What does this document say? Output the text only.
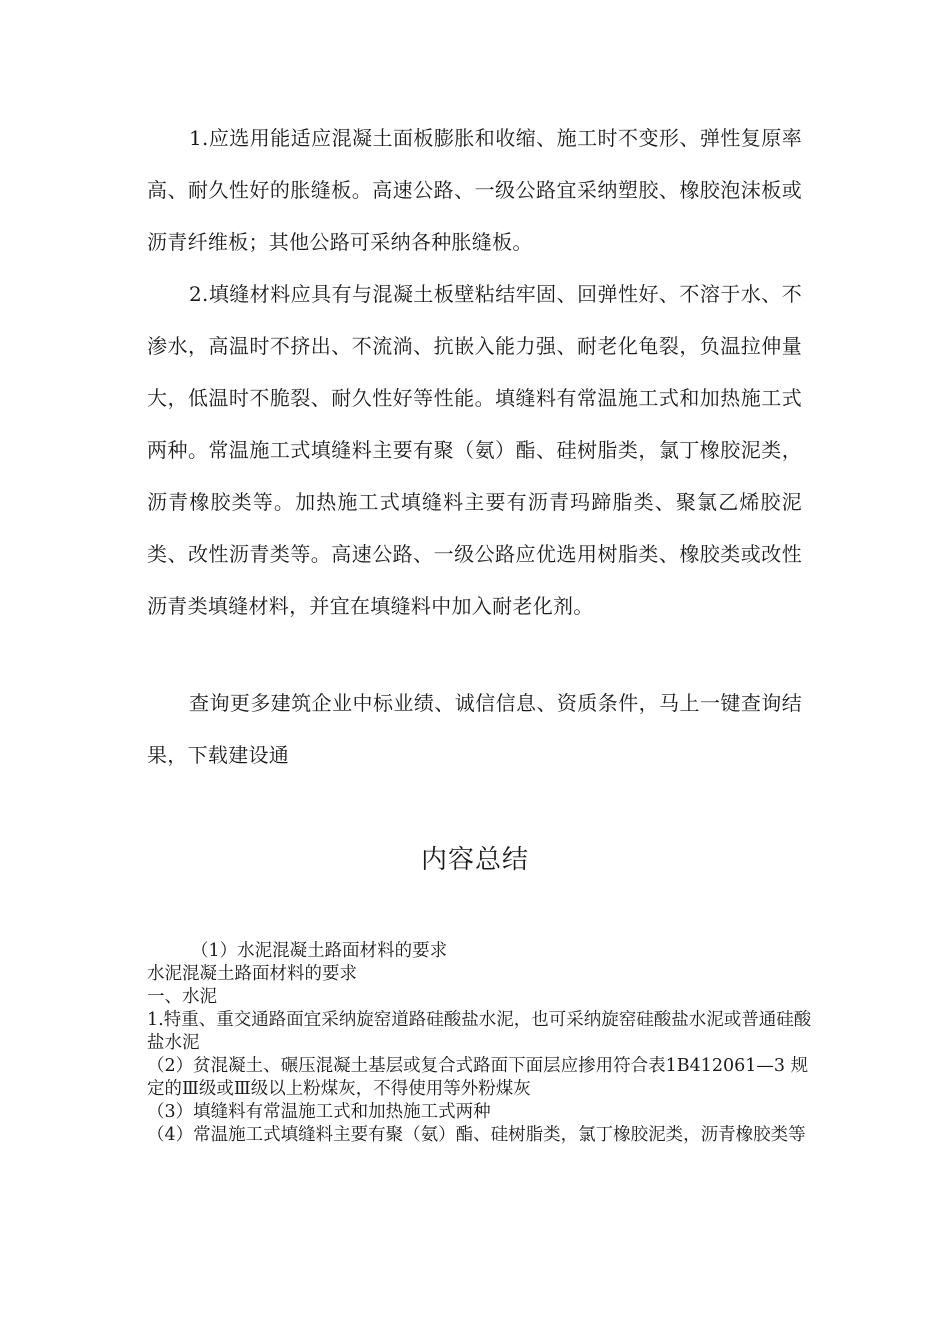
1.应选用能适应混凝土面板膨胀和收缩、施工时不变形、弹性复原率高、耐久性好的胀缝板。高速公路、一级公路宜采纳塑胶、橡胶泡沫板或沥青纤维板；其他公路可采纳各种胀缝板。

2.填缝材料应具有与混凝土板壁粘结牢固、回弹性好、不溶于水、不渗水，高温时不挤出、不流淌、抗嵌入能力强、耐老化龟裂，负温拉伸量大，低温时不脆裂、耐久性好等性能。填缝料有常温施工式和加热施工式两种。常温施工式填缝料主要有聚（氨）酯、硅树脂类，氯丁橡胶泥类，沥青橡胶类等。加热施工式填缝料主要有沥青玛蹄脂类、聚氯乙烯胶泥类、改性沥青类等。高速公路、一级公路应优选用树脂类、橡胶类或改性沥青类填缝材料，并宜在填缝料中加入耐老化剂。

查询更多建筑企业中标业绩、诚信信息、资质条件，马上一键查询结果，下载建设通

内容总结
（1）水泥混凝土路面材料的要求
水泥混凝土路面材料的要求
一、水泥
1.特重、重交通路面宜采纳旋窑道路硅酸盐水泥，也可采纳旋窑硅酸盐水泥或普通硅酸盐水泥
（2）贫混凝土、碾压混凝土基层或复合式路面下面层应掺用符合表1B412061—3 规定的Ⅲ级或Ⅲ级以上粉煤灰，不得使用等外粉煤灰
（3）填缝料有常温施工式和加热施工式两种
（4）常温施工式填缝料主要有聚（氨）酯、硅树脂类，氯丁橡胶泥类，沥青橡胶类等
